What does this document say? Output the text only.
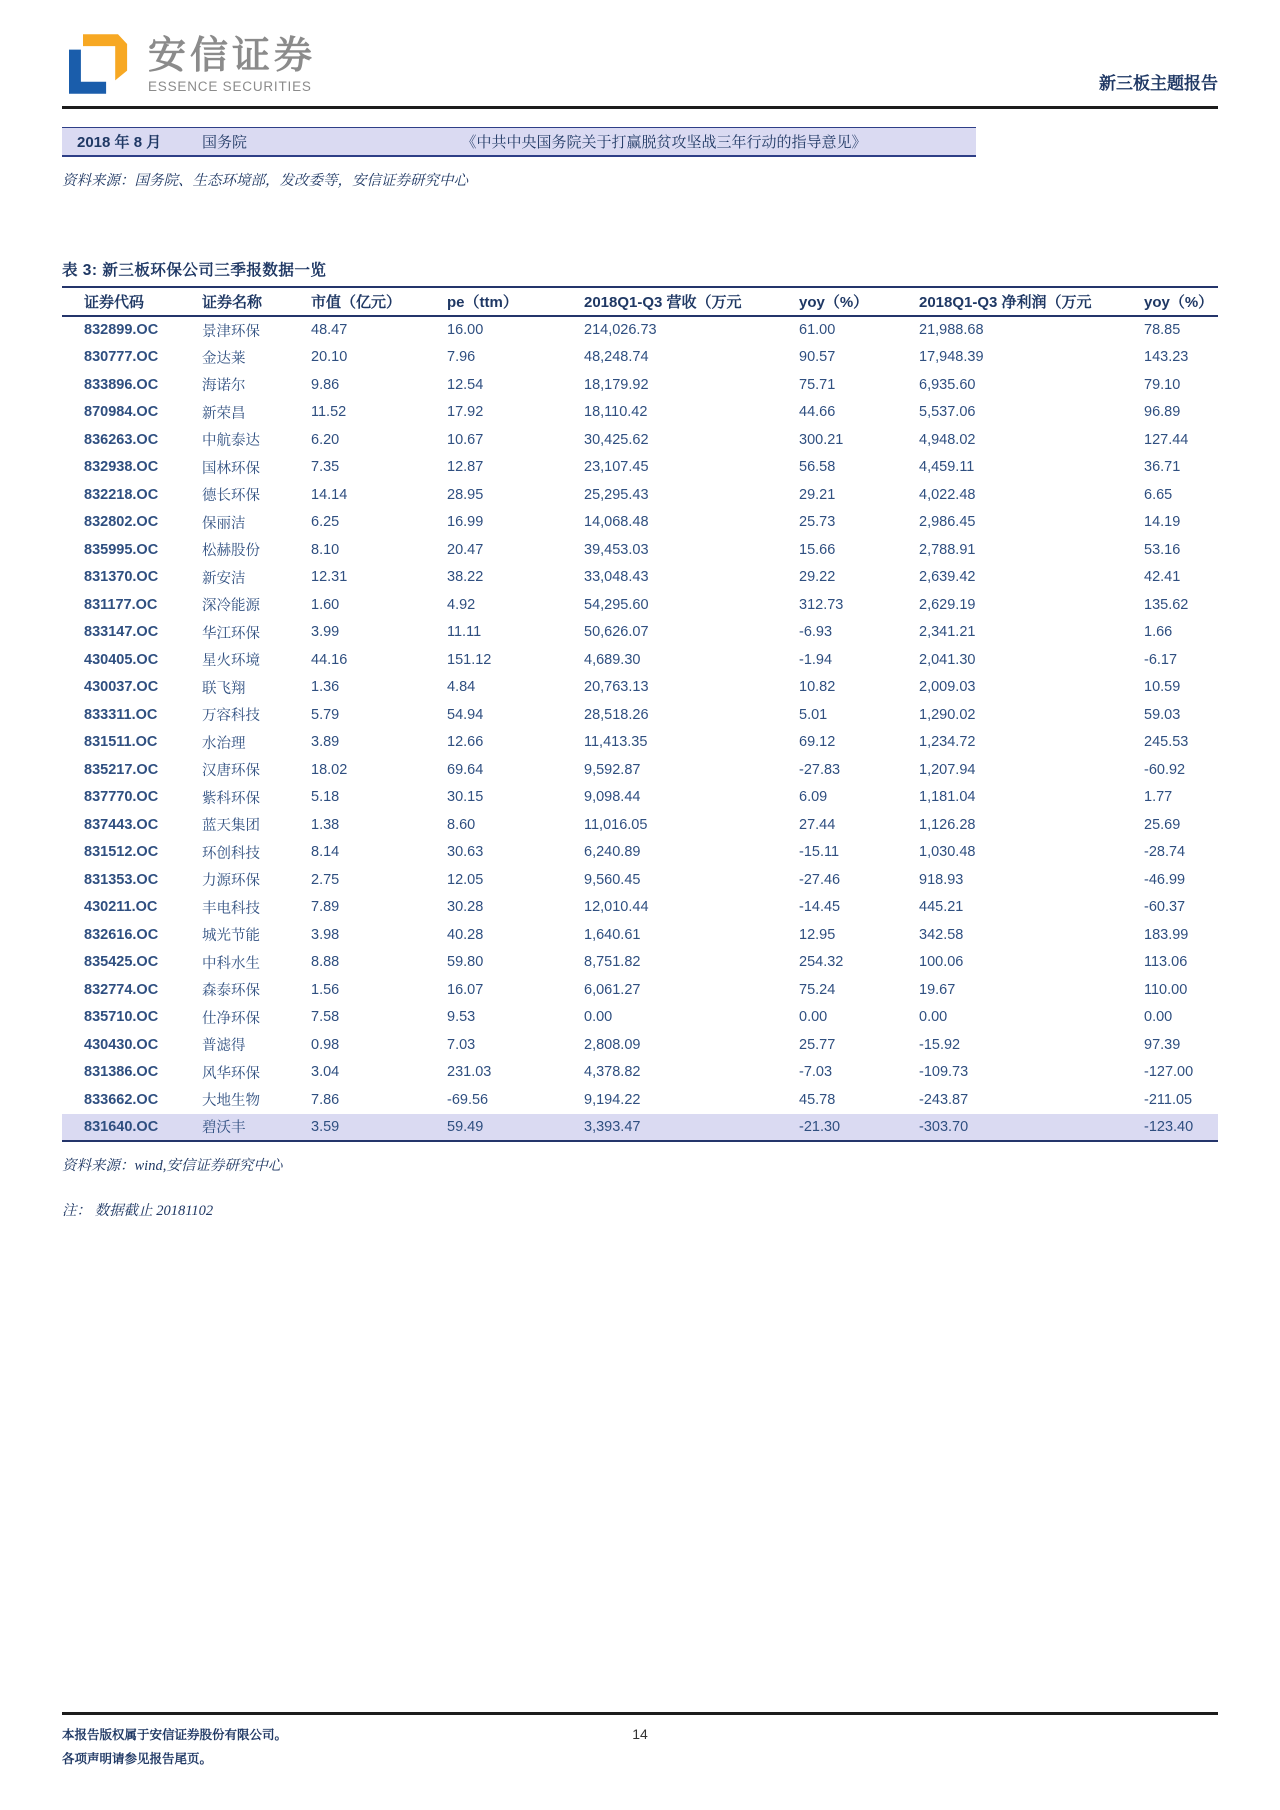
安信证券
ESSENCE SECURITIES	新三板主题报告
2018 年 8 月	国务院	《中共中央国务院关于打赢脱贫攻坚战三年行动的指导意见》
资料来源：国务院、生态环境部，发改委等，安信证券研究中心
表 3: 新三板环保公司三季报数据一览
证券代码	证券名称	市值（亿元）	pe（ttm）	2018Q1-Q3 营收（万元	yoy（%）	2018Q1-Q3 净利润（万元	yoy（%）
832899.OC	景津环保	48.47	16.00	214,026.73	61.00	21,988.68	78.85
830777.OC	金达莱	20.10	7.96	48,248.74	90.57	17,948.39	143.23
833896.OC	海诺尔	9.86	12.54	18,179.92	75.71	6,935.60	79.10
870984.OC	新荣昌	11.52	17.92	18,110.42	44.66	5,537.06	96.89
836263.OC	中航泰达	6.20	10.67	30,425.62	300.21	4,948.02	127.44
832938.OC	国林环保	7.35	12.87	23,107.45	56.58	4,459.11	36.71
832218.OC	德长环保	14.14	28.95	25,295.43	29.21	4,022.48	6.65
832802.OC	保丽洁	6.25	16.99	14,068.48	25.73	2,986.45	14.19
835995.OC	松赫股份	8.10	20.47	39,453.03	15.66	2,788.91	53.16
831370.OC	新安洁	12.31	38.22	33,048.43	29.22	2,639.42	42.41
831177.OC	深冷能源	1.60	4.92	54,295.60	312.73	2,629.19	135.62
833147.OC	华江环保	3.99	11.11	50,626.07	-6.93	2,341.21	1.66
430405.OC	星火环境	44.16	151.12	4,689.30	-1.94	2,041.30	-6.17
430037.OC	联飞翔	1.36	4.84	20,763.13	10.82	2,009.03	10.59
833311.OC	万容科技	5.79	54.94	28,518.26	5.01	1,290.02	59.03
831511.OC	水治理	3.89	12.66	11,413.35	69.12	1,234.72	245.53
835217.OC	汉唐环保	18.02	69.64	9,592.87	-27.83	1,207.94	-60.92
837770.OC	紫科环保	5.18	30.15	9,098.44	6.09	1,181.04	1.77
837443.OC	蓝天集团	1.38	8.60	11,016.05	27.44	1,126.28	25.69
831512.OC	环创科技	8.14	30.63	6,240.89	-15.11	1,030.48	-28.74
831353.OC	力源环保	2.75	12.05	9,560.45	-27.46	918.93	-46.99
430211.OC	丰电科技	7.89	30.28	12,010.44	-14.45	445.21	-60.37
832616.OC	城光节能	3.98	40.28	1,640.61	12.95	342.58	183.99
835425.OC	中科水生	8.88	59.80	8,751.82	254.32	100.06	113.06
832774.OC	森泰环保	1.56	16.07	6,061.27	75.24	19.67	110.00
835710.OC	仕净环保	7.58	9.53	0.00	0.00	0.00	0.00
430430.OC	普滤得	0.98	7.03	2,808.09	25.77	-15.92	97.39
831386.OC	风华环保	3.04	231.03	4,378.82	-7.03	-109.73	-127.00
833662.OC	大地生物	7.86	-69.56	9,194.22	45.78	-243.87	-211.05
831640.OC	碧沃丰	3.59	59.49	3,393.47	-21.30	-303.70	-123.40
资料来源：wind,安信证券研究中心
注： 数据截止 20181102
本报告版权属于安信证券股份有限公司。
各项声明请参见报告尾页。
14
